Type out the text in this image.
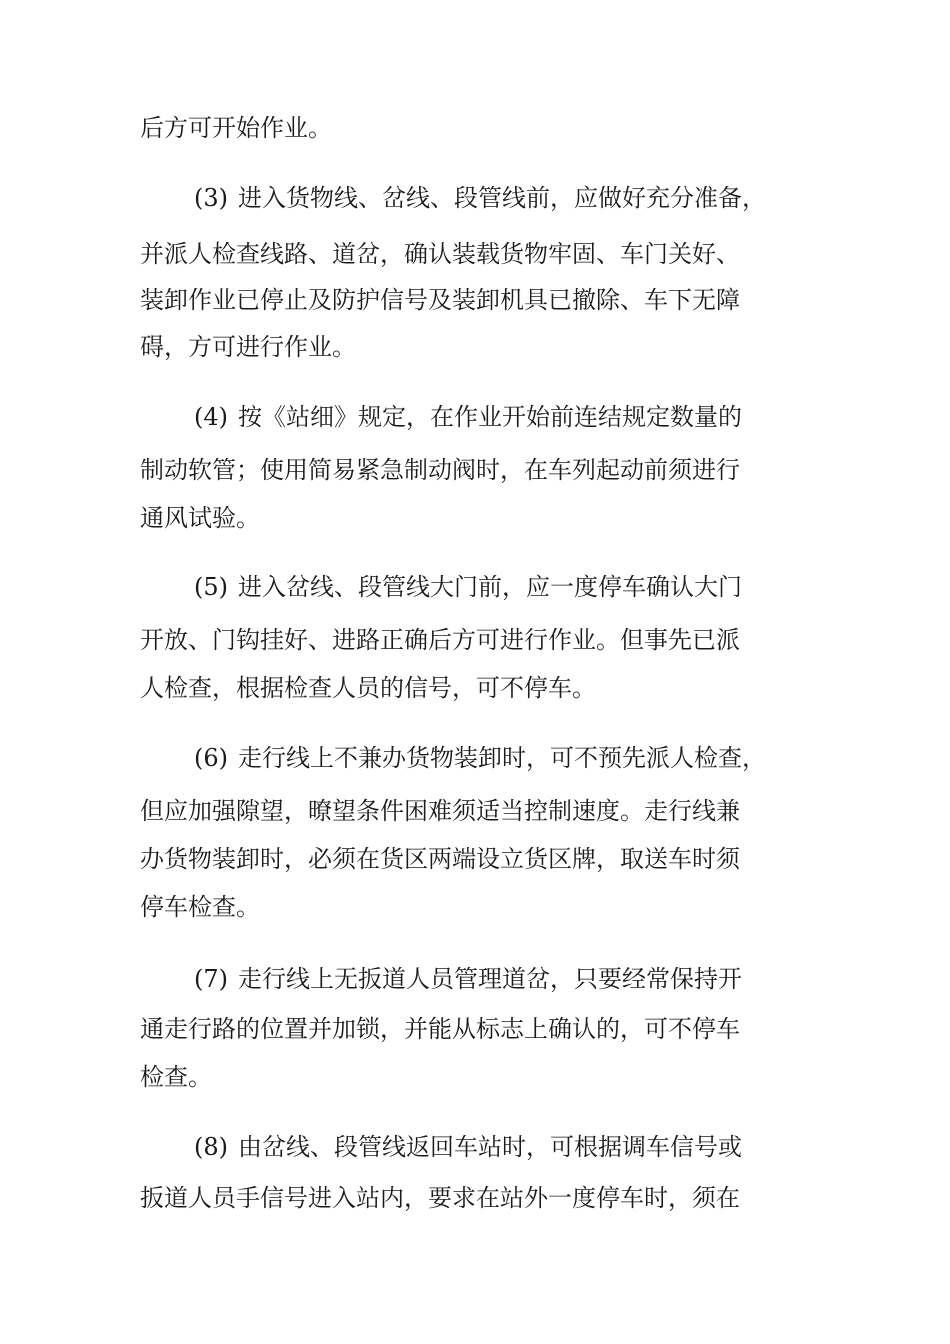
后方可开始作业。

(3) 进入货物线、岔线、段管线前，应做好充分准备，

并派人检查线路、道岔，确认装载货物牢固、车门关好、

装卸作业已停止及防护信号及装卸机具已撤除、车下无障

碍，方可进行作业。

(4) 按《站细》规定，在作业开始前连结规定数量的

制动软管；使用简易紧急制动阀时，在车列起动前须进行

通风试验。

(5) 进入岔线、段管线大门前，应一度停车确认大门

开放、门钩挂好、进路正确后方可进行作业。但事先已派

人检查，根据检查人员的信号，可不停车。

(6) 走行线上不兼办货物装卸时，可不预先派人检查，

但应加强隙望，暸望条件困难须适当控制速度。走行线兼

办货物装卸时，必须在货区两端设立货区牌，取送车时须

停车检查。

(7) 走行线上无扳道人员管理道岔，只要经常保持开

通走行路的位置并加锁，并能从标志上确认的，可不停车

检查。

(8) 由岔线、段管线返回车站时，可根据调车信号或

扳道人员手信号进入站内，要求在站外一度停车时，须在
